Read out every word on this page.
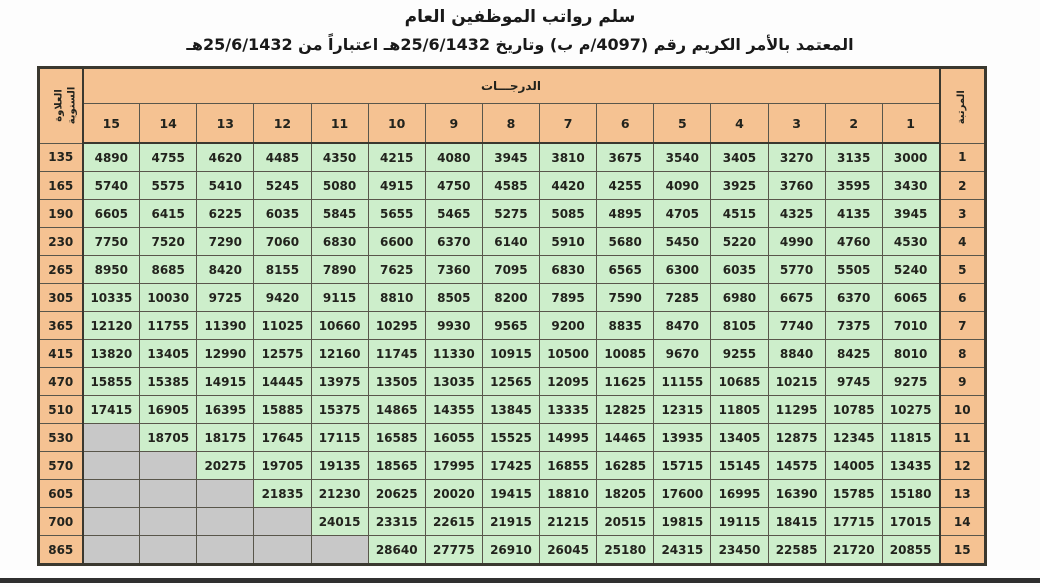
سلم رواتب الموظفين العام
المعتمد بالأمر الكريم رقم (4097/م ب) وتاريخ 25/6/1432هـ اعتباراً من 25/6/1432هـ
العلاوة السنوية	الدرجـــات															المرتبة
	15	14	13	12	11	10	9	8	7	6	5	4	3	2	1	
135	4890	4755	4620	4485	4350	4215	4080	3945	3810	3675	3540	3405	3270	3135	3000	1
165	5740	5575	5410	5245	5080	4915	4750	4585	4420	4255	4090	3925	3760	3595	3430	2
190	6605	6415	6225	6035	5845	5655	5465	5275	5085	4895	4705	4515	4325	4135	3945	3
230	7750	7520	7290	7060	6830	6600	6370	6140	5910	5680	5450	5220	4990	4760	4530	4
265	8950	8685	8420	8155	7890	7625	7360	7095	6830	6565	6300	6035	5770	5505	5240	5
305	10335	10030	9725	9420	9115	8810	8505	8200	7895	7590	7285	6980	6675	6370	6065	6
365	12120	11755	11390	11025	10660	10295	9930	9565	9200	8835	8470	8105	7740	7375	7010	7
415	13820	13405	12990	12575	12160	11745	11330	10915	10500	10085	9670	9255	8840	8425	8010	8
470	15855	15385	14915	14445	13975	13505	13035	12565	12095	11625	11155	10685	10215	9745	9275	9
510	17415	16905	16395	15885	15375	14865	14355	13845	13335	12825	12315	11805	11295	10785	10275	10
530		18705	18175	17645	17115	16585	16055	15525	14995	14465	13935	13405	12875	12345	11815	11
570			20275	19705	19135	18565	17995	17425	16855	16285	15715	15145	14575	14005	13435	12
605				21835	21230	20625	20020	19415	18810	18205	17600	16995	16390	15785	15180	13
700					24015	23315	22615	21915	21215	20515	19815	19115	18415	17715	17015	14
865						28640	27775	26910	26045	25180	24315	23450	22585	21720	20855	15
